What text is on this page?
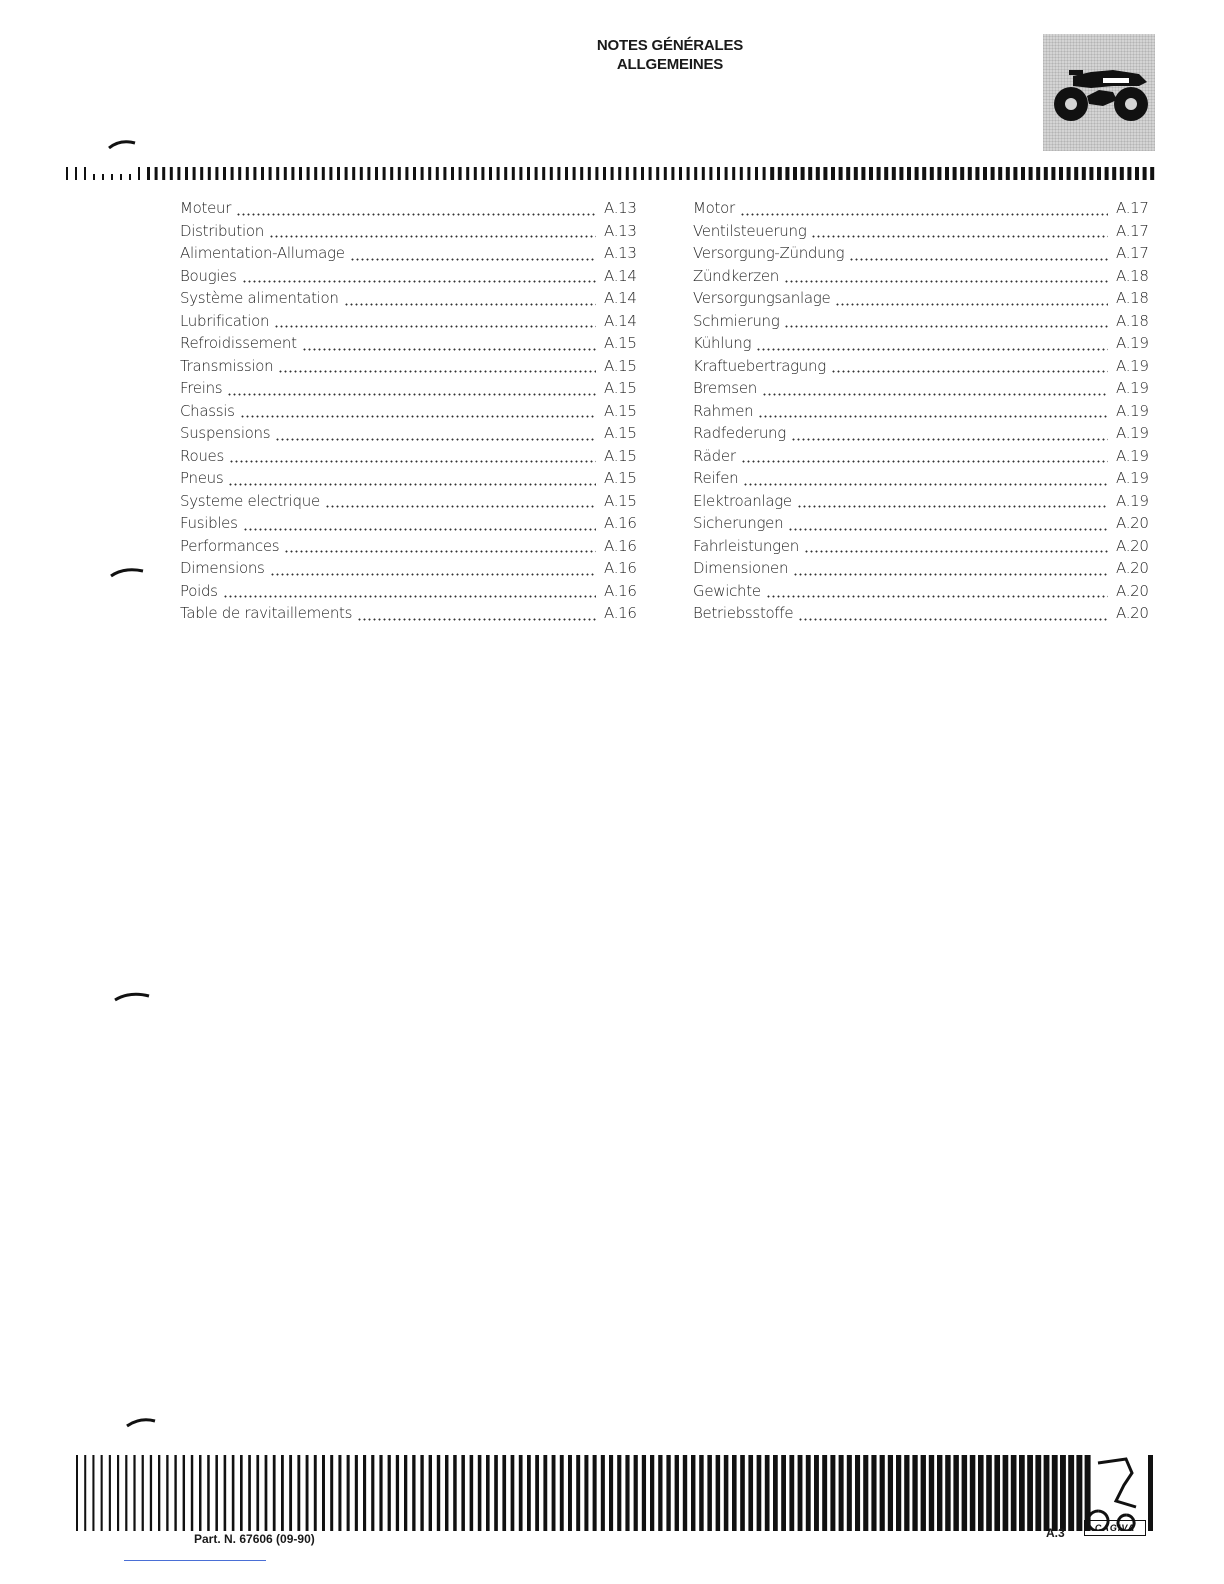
NOTES GÉNÉRALES
ALLGEMEINES
Moteur	A.13
Distribution	A.13
Alimentation-Allumage	A.13
Bougies	A.14
Système alimentation	A.14
Lubrification	A.14
Refroidissement	A.15
Transmission	A.15
Freins	A.15
Chassis	A.15
Suspensions	A.15
Roues	A.15
Pneus	A.15
Systeme electrique	A.15
Fusibles	A.16
Performances	A.16
Dimensions	A.16
Poids	A.16
Table de ravitaillements	A.16
Motor	A.17
Ventilsteuerung	A.17
Versorgung-Zündung	A.17
Zündkerzen	A.18
Versorgungsanlage	A.18
Schmierung	A.18
Kühlung	A.19
Kraftuebertragung	A.19
Bremsen	A.19
Rahmen	A.19
Radfederung	A.19
Räder	A.19
Reifen	A.19
Elektroanlage	A.19
Sicherungen	A.20
Fahrleistungen	A.20
Dimensionen	A.20
Gewichte	A.20
Betriebsstoffe	A.20
Part. N. 67606 (09-90)	A.3	CAGIVA
